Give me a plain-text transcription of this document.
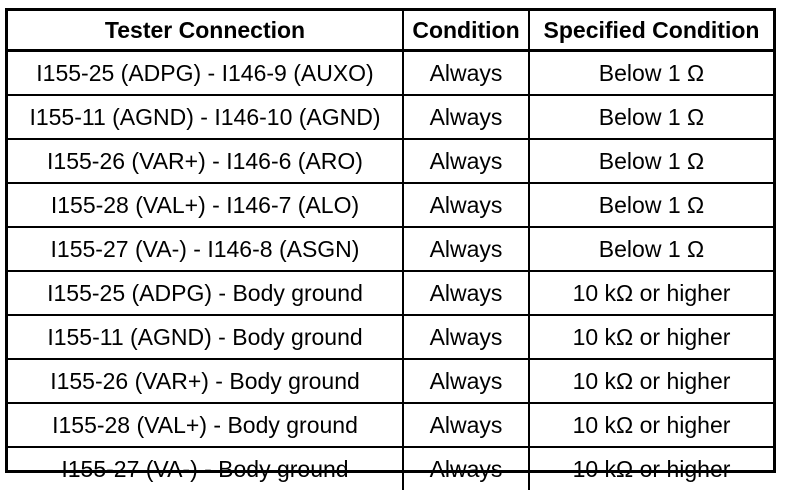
Tester Connection	Condition	Specified Condition
I155-25 (ADPG) - I146-9 (AUXO)	Always	Below 1 Ω
I155-11 (AGND) - I146-10 (AGND)	Always	Below 1 Ω
I155-26 (VAR+) - I146-6 (ARO)	Always	Below 1 Ω
I155-28 (VAL+) - I146-7 (ALO)	Always	Below 1 Ω
I155-27 (VA-) - I146-8 (ASGN)	Always	Below 1 Ω
I155-25 (ADPG) - Body ground	Always	10 kΩ or higher
I155-11 (AGND) - Body ground	Always	10 kΩ or higher
I155-26 (VAR+) - Body ground	Always	10 kΩ or higher
I155-28 (VAL+) - Body ground	Always	10 kΩ or higher
I155-27 (VA-) - Body ground	Always	10 kΩ or higher
